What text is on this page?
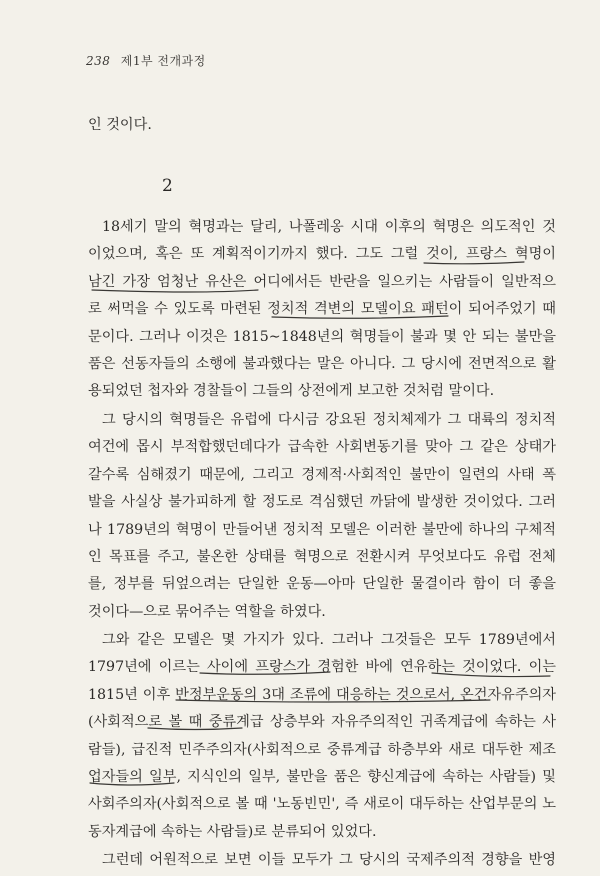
238 제1부 전개과정

인 것이다.

2
18세기 말의 혁명과는 달리, 나폴레옹 시대 이후의 혁명은 의도적인 것
이었으며, 혹은 또 계획적이기까지 했다. 그도 그럴 것이, 프랑스 혁명이
남긴 가장 엄청난 유산은 어디에서든 반란을 일으키는 사람들이 일반적으
로 써먹을 수 있도록 마련된 정치적 격변의 모델이요 패턴이 되어주었기 때
문이다. 그러나 이것은 1815∼1848년의 혁명들이 불과 몇 안 되는 불만을
품은 선동자들의 소행에 불과했다는 말은 아니다. 그 당시에 전면적으로 활
용되었던 첩자와 경찰들이 그들의 상전에게 보고한 것처럼 말이다.
그 당시의 혁명들은 유럽에 다시금 강요된 정치체제가 그 대륙의 정치적
여건에 몹시 부적합했던데다가 급속한 사회변동기를 맞아 그 같은 상태가
갈수록 심해졌기 때문에, 그리고 경제적·사회적인 불만이 일련의 사태 폭
발을 사실상 불가피하게 할 정도로 격심했던 까닭에 발생한 것이었다. 그러
나 1789년의 혁명이 만들어낸 정치적 모델은 이러한 불만에 하나의 구체적
인 목표를 주고, 불온한 상태를 혁명으로 전환시켜 무엇보다도 유럽 전체
를, 정부를 뒤엎으려는 단일한 운동—아마 단일한 물결이라 함이 더 좋을
것이다—으로 묶어주는 역할을 하였다.
그와 같은 모델은 몇 가지가 있다. 그러나 그것들은 모두 1789년에서
1797년에 이르는 사이에 프랑스가 경험한 바에 연유하는 것이었다. 이는
1815년 이후 반정부운동의 3대 조류에 대응하는 것으로서, 온건자유주의자
(사회적으로 볼 때 중류계급 상층부와 자유주의적인 귀족계급에 속하는 사
람들), 급진적 민주주의자(사회적으로 중류계급 하층부와 새로 대두한 제조
업자들의 일부, 지식인의 일부, 불만을 품은 향신계급에 속하는 사람들) 및
사회주의자(사회적으로 볼 때 '노동빈민', 즉 새로이 대두하는 산업부문의 노
동자계급에 속하는 사람들)로 분류되어 있었다.
그런데 어원적으로 보면 이들 모두가 그 당시의 국제주의적 경향을 반영
